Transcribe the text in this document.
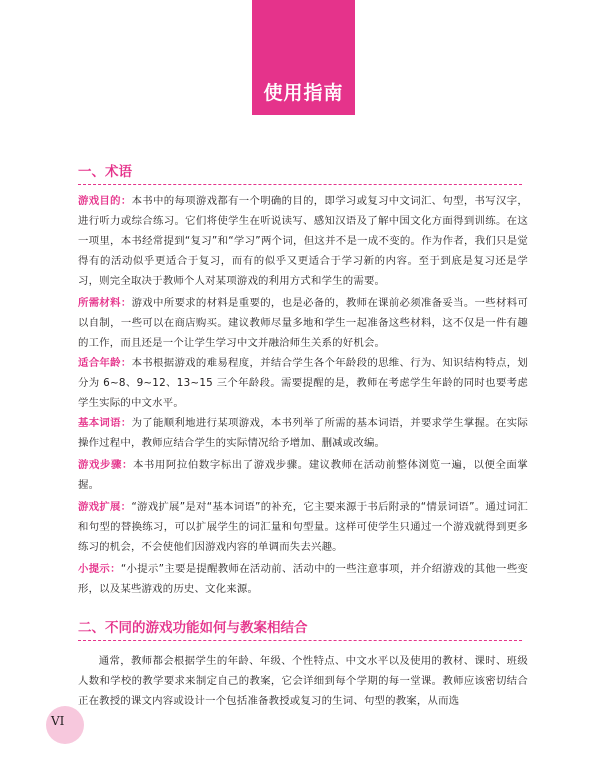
使用指南
一、术语
游戏目的：本书中的每项游戏都有一个明确的目的，即学习或复习中文词汇、句型，书写汉字，进行听力或综合练习。它们将使学生在听说读写、感知汉语及了解中国文化方面得到训练。在这一项里，本书经常提到“复习”和“学习”两个词，但这并不是一成不变的。作为作者，我们只是觉得有的活动似乎更适合于复习，而有的似乎又更适合于学习新的内容。至于到底是复习还是学习，则完全取决于教师个人对某项游戏的利用方式和学生的需要。
所需材料：游戏中所要求的材料是重要的，也是必备的，教师在课前必须准备妥当。一些材料可以自制，一些可以在商店购买。建议教师尽量多地和学生一起准备这些材料，这不仅是一件有趣的工作，而且还是一个让学生学习中文并融洽师生关系的好机会。
适合年龄：本书根据游戏的难易程度，并结合学生各个年龄段的思维、行为、知识结构特点，划分为 6~8、9~12、13~15 三个年龄段。需要提醒的是，教师在考虑学生年龄的同时也要考虑学生实际的中文水平。
基本词语：为了能顺利地进行某项游戏，本书列举了所需的基本词语，并要求学生掌握。在实际操作过程中，教师应结合学生的实际情况给予增加、删减或改编。
游戏步骤：本书用阿拉伯数字标出了游戏步骤。建议教师在活动前整体浏览一遍，以便全面掌握。
游戏扩展：“游戏扩展”是对“基本词语”的补充，它主要来源于书后附录的“情景词语”。通过词汇和句型的替换练习，可以扩展学生的词汇量和句型量。这样可使学生只通过一个游戏就得到更多练习的机会，不会使他们因游戏内容的单调而失去兴趣。
小提示：“小提示”主要是提醒教师在活动前、活动中的一些注意事项，并介绍游戏的其他一些变形，以及某些游戏的历史、文化来源。
二、不同的游戏功能如何与教案相结合
通常，教师都会根据学生的年龄、年级、个性特点、中文水平以及使用的教材、课时、班级人数和学校的教学要求来制定自己的教案，它会详细到每个学期的每一堂课。教师应该密切结合正在教授的课文内容或设计一个包括准备教授或复习的生词、句型的教案，从而选
VI
